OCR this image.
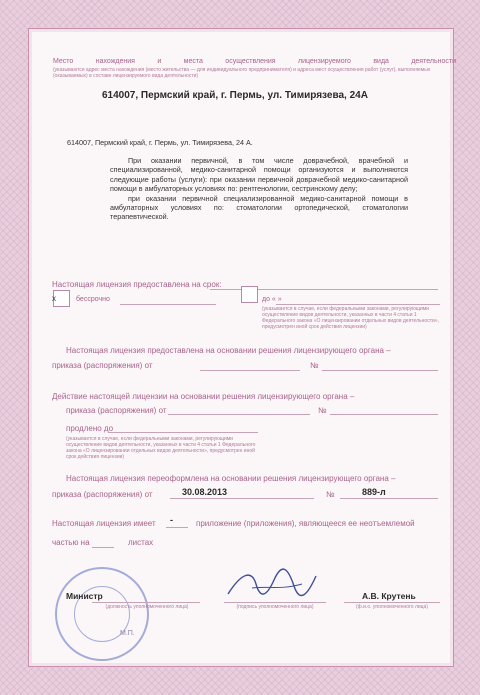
Место нахождения и места осуществления лицензируемого вида деятельности
(указываются адрес места нахождения (место жительства — для индивидуального предпринимателя) и адреса мест осуществления работ (услуг), выполняемых (оказываемых) в составе лицензируемого вида деятельности)
614007, Пермский край, г. Пермь, ул. Тимирязева, 24А
614007, Пермский край, г. Пермь, ул. Тимирязева, 24 А.
При оказании первичной, в том числе доврачебной, врачебной и специализированной, медико-санитарной помощи организуются и выполняются следующие работы (услуги): при оказании первичной доврачебной медико-санитарной помощи в амбулаторных условиях по: рентгенологии, сестринскому делу;
при оказании первичной специализированной медико-санитарной помощи в амбулаторных условиях по: стоматологии ортопедической, стоматологии терапевтической.
Настоящая лицензия предоставлена на срок:
x	бессрочно	до « »
(указывается в случае, если федеральными законами, регулирующими осуществление видов деятельности, указанных в части 4 статьи 1 Федерального закона «О лицензировании отдельных видов деятельности», предусмотрен иной срок действия лицензии)
Настоящая лицензия предоставлена на основании решения лицензирующего органа –
приказа (распоряжения) от	№
Действие настоящей лицензии на основании решения лицензирующего органа –
приказа (распоряжения) от	№
продлено до
(указывается в случае, если федеральными законами, регулирующими осуществление видов деятельности, указанных в части 4 статьи 1 Федерального закона «О лицензировании отдельных видов деятельности», предусмотрен иной срок действия лицензии)
Настоящая лицензия переоформлена на основании решения лицензирующего органа –
приказа (распоряжения) от	30.08.2013	№	889-л
Настоящая лицензия имеет -
частью на	листах
Министр
(должность уполномоченного лица)	(подпись уполномоченного лица)
А.В. Крутень
(ф.и.о. уполномоченного лица)
М.П.
приложение (приложения), являющееся ее неотъемлемой
